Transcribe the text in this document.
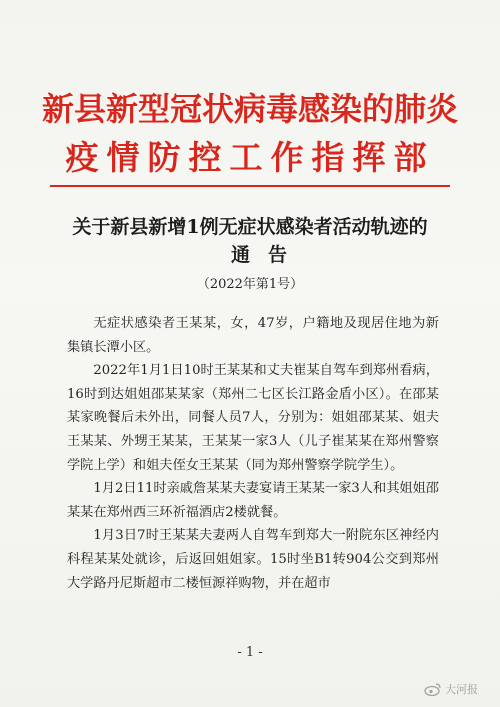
新县新型冠状病毒感染的肺炎
疫情防控工作指挥部
关于新县新增1例无症状感染者活动轨迹的
通告
（2022年第1号）

无症状感染者王某某，女，47岁，户籍地及现居住地为新集镇长潭小区。

2022年1月1日10时王某某和丈夫崔某自驾车到郑州看病，16时到达姐姐邵某某家（郑州二七区长江路金盾小区）。在邵某某家晚餐后未外出，同餐人员7人，分别为：姐姐邵某某、姐夫王某某、外甥王某某，王某某一家3人（儿子崔某某在郑州警察学院上学）和姐夫侄女王某某（同为郑州警察学院学生）。

1月2日11时亲戚詹某某夫妻宴请王某某一家3人和其姐姐邵某某在郑州西三环祈福酒店2楼就餐。

1月3日7时王某某夫妻两人自驾车到郑大一附院东区神经内科程某某处就诊，后返回姐姐家。15时坐B1转904公交到郑州大学路丹尼斯超市二楼恒源祥购物，并在超市

- 1 -
大河报
